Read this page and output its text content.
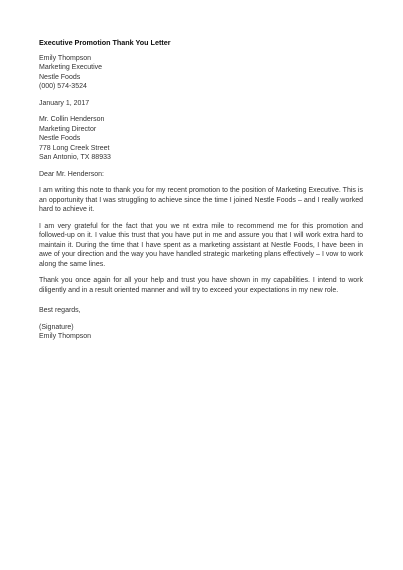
Executive Promotion Thank You Letter
Emily Thompson
Marketing Executive
Nestle Foods
(000) 574-3524
January 1, 2017
Mr. Collin Henderson
Marketing Director
Nestle Foods
778 Long Creek Street
San Antonio, TX 88933
Dear Mr. Henderson:

I am writing this note to thank you for my recent promotion to the position of Marketing Executive. This is an opportunity that I was struggling to achieve since the time I joined Nestle Foods – and I really worked hard to achieve it.

I am very grateful for the fact that you we nt extra mile to recommend me for this promotion and followed-up on it. I value this trust that you have put in me and assure you that I will work extra hard to maintain it. During the time that I have spent as a marketing assistant at Nestle Foods, I have been in awe of your direction and the way you have handled strategic marketing plans effectively – I vow to work along the same lines.

Thank you once again for all your help and trust you have shown in my capabilities. I intend to work diligently and in a result oriented manner and will try to exceed your expectations in my new role.

Best regards,
(Signature)
Emily Thompson
